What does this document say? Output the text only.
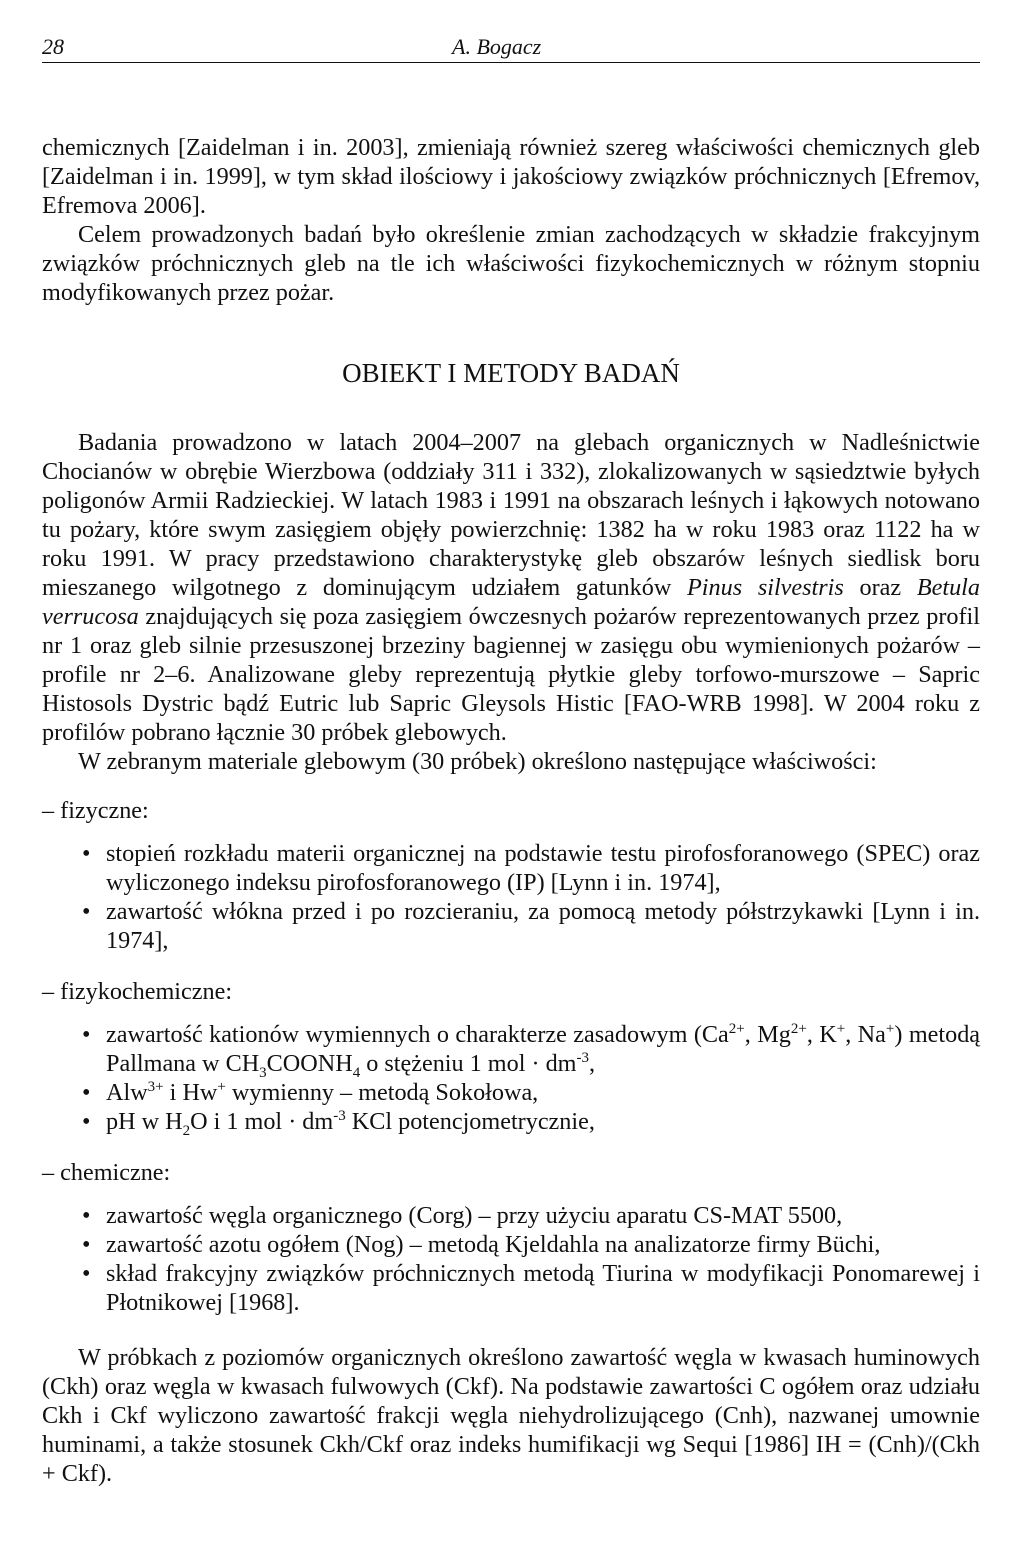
28	A. Bogacz

chemicznych [Zaidelman i in. 2003], zmieniają również szereg właściwości chemicznych gleb [Zaidelman i in. 1999], w tym skład ilościowy i jakościowy związków próchnicznych [Efremov, Efremova 2006].

Celem prowadzonych badań było określenie zmian zachodzących w składzie frakcyjnym związków próchnicznych gleb na tle ich właściwości fizykochemicznych w różnym stopniu modyfikowanych przez pożar.

OBIEKT I METODY BADAŃ

Badania prowadzono w latach 2004–2007 na glebach organicznych w Nadleśnictwie Chocianów w obrębie Wierzbowa (oddziały 311 i 332), zlokalizowanych w sąsiedztwie byłych poligonów Armii Radzieckiej. W latach 1983 i 1991 na obszarach leśnych i łąkowych notowano tu pożary, które swym zasięgiem objęły powierzchnię: 1382 ha w roku 1983 oraz 1122 ha w roku 1991. W pracy przedstawiono charakterystykę gleb obszarów leśnych siedlisk boru mieszanego wilgotnego z dominującym udziałem gatunków Pinus silvestris oraz Betula verrucosa znajdujących się poza zasięgiem ówczesnych pożarów reprezentowanych przez profil nr 1 oraz gleb silnie przesuszonej brzeziny bagiennej w zasięgu obu wymienionych pożarów – profile nr 2–6. Analizowane gleby reprezentują płytkie gleby torfowo-murszowe – Sapric Histosols Dystric bądź Eutric lub Sapric Gleysols Histic [FAO-WRB 1998]. W 2004 roku z profilów pobrano łącznie 30 próbek glebowych.

W zebranym materiale glebowym (30 próbek) określono następujące właściwości:

– fizyczne:

• stopień rozkładu materii organicznej na podstawie testu pirofosforanowego (SPEC) oraz wyliczonego indeksu pirofosforanowego (IP) [Lynn i in. 1974],
• zawartość włókna przed i po rozcieraniu, za pomocą metody półstrzykawki [Lynn i in. 1974],

– fizykochemiczne:

• zawartość kationów wymiennych o charakterze zasadowym ($Ca^{2+}$, $Mg^{2+}$, K+, Na+) metodą Pallmana w $CH_3COONH_4$ o stężeniu 1 mol · $dm^{-3}$,
• Alw$^{3+}$ i Hw+ wymienny – metodą Sokołowa,
• pH w $H_2O$ i 1 mol · $dm^{-3}$ KCl potencjometrycznie,

– chemiczne:

• zawartość węgla organicznego (Corg) – przy użyciu aparatu CS-MAT 5500,
• zawartość azotu ogółem (Nog) – metodą Kjeldahla na analizatorze firmy Büchi,
• skład frakcyjny związków próchnicznych metodą Tiurina w modyfikacji Ponomarewej i Płotnikowej [1968].

W próbkach z poziomów organicznych określono zawartość węgla w kwasach huminowych (Ckh) oraz węgla w kwasach fulwowych (Ckf). Na podstawie zawartości C ogółem oraz udziału Ckh i Ckf wyliczono zawartość frakcji węgla niehydrolizującego (Cnh), nazwanej umownie huminami, a także stosunek Ckh/Ckf oraz indeks humifikacji wg Sequi [1986] IH = (Cnh)/(Ckh + Ckf).
